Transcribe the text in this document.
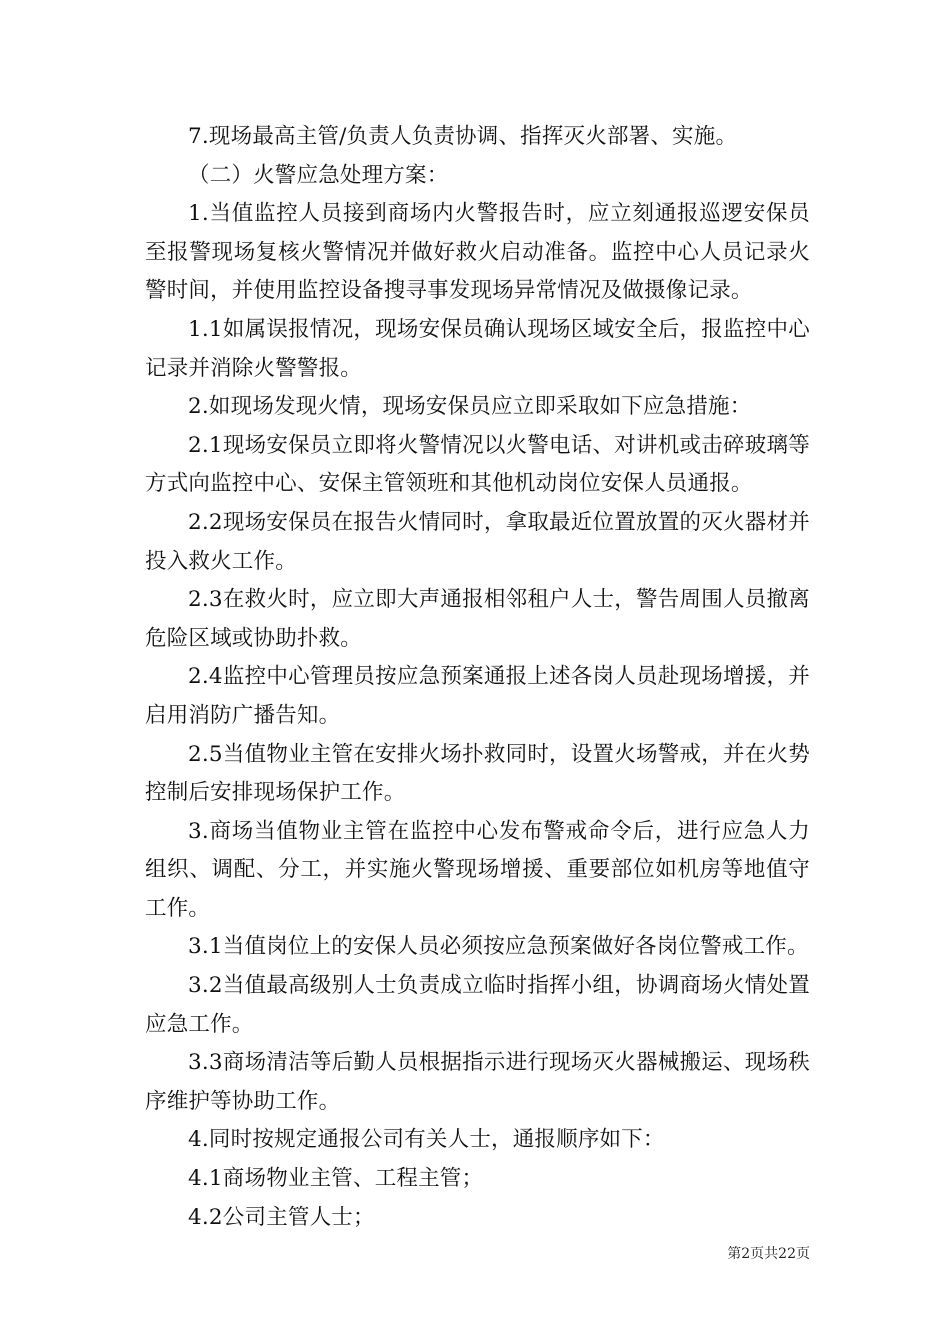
7.现场最高主管/负责人负责协调、指挥灭火部署、实施。

（二）火警应急处理方案：

1.当值监控人员接到商场内火警报告时，应立刻通报巡逻安保员至报警现场复核火警情况并做好救火启动准备。监控中心人员记录火警时间，并使用监控设备搜寻事发现场异常情况及做摄像记录。

1.1如属误报情况，现场安保员确认现场区域安全后，报监控中心记录并消除火警警报。

2.如现场发现火情，现场安保员应立即采取如下应急措施：

2.1现场安保员立即将火警情况以火警电话、对讲机或击碎玻璃等方式向监控中心、安保主管领班和其他机动岗位安保人员通报。

2.2现场安保员在报告火情同时，拿取最近位置放置的灭火器材并投入救火工作。

2.3在救火时，应立即大声通报相邻租户人士，警告周围人员撤离危险区域或协助扑救。

2.4监控中心管理员按应急预案通报上述各岗人员赴现场增援，并启用消防广播告知。

2.5当值物业主管在安排火场扑救同时，设置火场警戒，并在火势控制后安排现场保护工作。

3.商场当值物业主管在监控中心发布警戒命令后，进行应急人力组织、调配、分工，并实施火警现场增援、重要部位如机房等地值守工作。

3.1当值岗位上的安保人员必须按应急预案做好各岗位警戒工作。

3.2当值最高级别人士负责成立临时指挥小组，协调商场火情处置应急工作。

3.3商场清洁等后勤人员根据指示进行现场灭火器械搬运、现场秩序维护等协助工作。

4.同时按规定通报公司有关人士，通报顺序如下：

4.1商场物业主管、工程主管；

4.2公司主管人士；

第2页共22页
